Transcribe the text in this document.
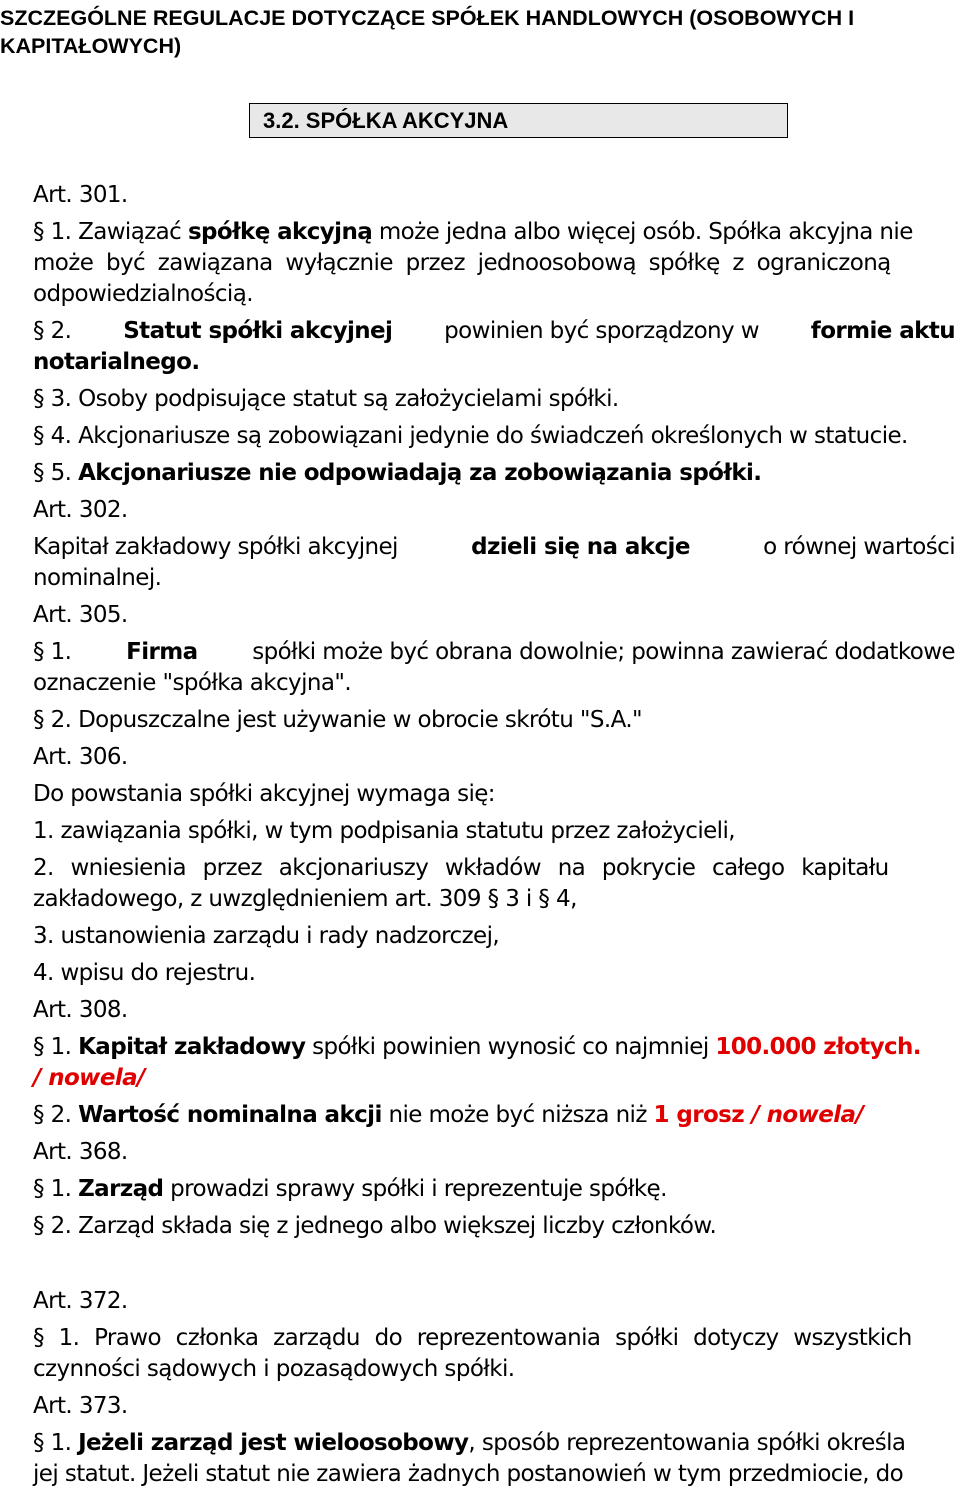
SZCZEGÓLNE REGULACJE DOTYCZĄCE SPÓŁEK HANDLOWYCH (OSOBOWYCH I
KAPITAŁOWYCH)
3.2. SPÓŁKA AKCYJNA
Art. 301.
§ 1. Zawiązać spółkę akcyjną może jedna albo więcej osób. Spółka akcyjna nie
może być zawiązana wyłącznie przez jednoosobową spółkę z ograniczoną
odpowiedzialnością.
§ 2. Statut spółki akcyjnej powinien być sporządzony w formie aktu
notarialnego.
§ 3. Osoby podpisujące statut są założycielami spółki.
§ 4. Akcjonariusze są zobowiązani jedynie do świadczeń określonych w statucie.
§ 5. Akcjonariusze nie odpowiadają za zobowiązania spółki.
Art. 302.
Kapitał zakładowy spółki akcyjnej	dzieli się na akcje	o równej wartości
nominalnej.
Art. 305.
§ 1. Firma spółki może być obrana dowolnie; powinna zawierać dodatkowe
oznaczenie "spółka akcyjna".
§ 2. Dopuszczalne jest używanie w obrocie skrótu "S.A."
Art. 306.
Do powstania spółki akcyjnej wymaga się:
1. zawiązania spółki, w tym podpisania statutu przez założycieli,
2. wniesienia przez akcjonariuszy wkładów na pokrycie całego kapitału
zakładowego, z uwzględnieniem art. 309 § 3 i § 4,
3. ustanowienia zarządu i rady nadzorczej,
4. wpisu do rejestru.
Art. 308.
§ 1. Kapitał zakładowy spółki powinien wynosić co najmniej 100.000 złotych.
/ nowela/
§ 2. Wartość nominalna akcji nie może być niższa niż 1 grosz / nowela/
Art. 368.
§ 1. Zarząd prowadzi sprawy spółki i reprezentuje spółkę.
§ 2. Zarząd składa się z jednego albo większej liczby członków.
Art. 372.
§ 1. Prawo członka zarządu do reprezentowania spółki dotyczy wszystkich
czynności sądowych i pozasądowych spółki.
Art. 373.
§ 1. Jeżeli zarząd jest wieloosobowy, sposób reprezentowania spółki określa
jej statut. Jeżeli statut nie zawiera żadnych postanowień w tym przedmiocie, do
